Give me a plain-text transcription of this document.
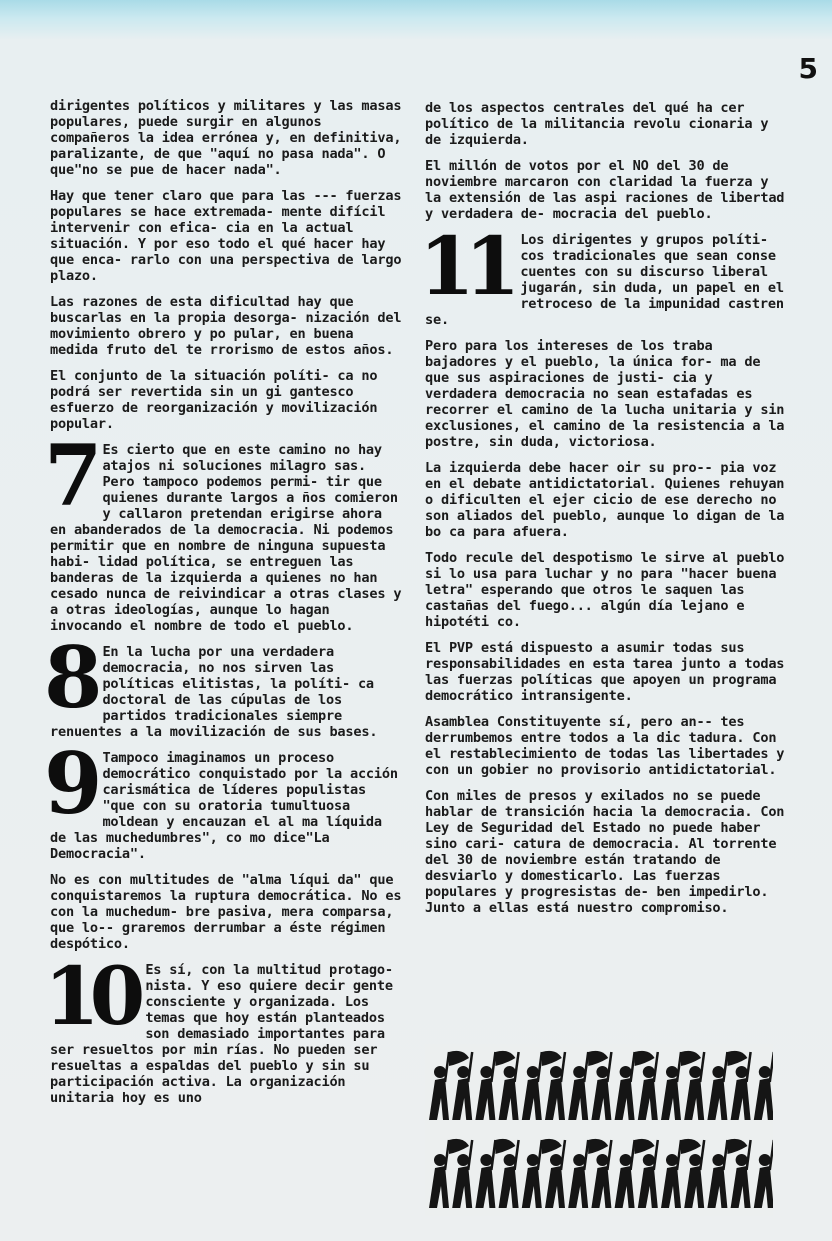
5
dirigentes políticos y militares y las masas populares, puede surgir en algunos compañeros la idea errónea y, en definitiva, paralizante, de que "aquí no pasa nada". O que"no se pue de hacer nada".
Hay que tener claro que para las --- fuerzas populares se hace extremada- mente difícil intervenir con efica- cia en la actual situación. Y por eso todo el qué hacer hay que enca- rarlo con una perspectiva de largo plazo.
Las razones de esta dificultad hay que buscarlas en la propia desorga- nización del movimiento obrero y po pular, en buena medida fruto del te rrorismo de estos años.
El conjunto de la situación políti- ca no podrá ser revertida sin un gi gantesco esfuerzo de reorganización y movilización popular.
7 Es cierto que en este camino no hay atajos ni soluciones milagro sas. Pero tampoco podemos permi- tir que quienes durante largos a ños comieron y callaron pretendan erigirse ahora en abanderados de la democracia. Ni podemos permitir que en nombre de ninguna supuesta habi- lidad política, se entreguen las banderas de la izquierda a quienes no han cesado nunca de reivindicar a otras clases y a otras ideologías, aunque lo hagan invocando el nombre de todo el pueblo.
8 En la lucha por una verdadera democracia, no nos sirven las políticas elitistas, la políti- ca doctoral de las cúpulas de los partidos tradicionales siempre renuentes a la movilización de sus bases.
9 Tampoco imaginamos un proceso democrático conquistado por la acción carismática de líderes populistas "que con su oratoria tumultuosa moldean y encauzan el al ma líquida de las muchedumbres", co mo dice"La Democracia".
No es con multitudes de "alma líqui da" que conquistaremos la ruptura democrática. No es con la muchedum- bre pasiva, mera comparsa, que lo-- graremos derrumbar a éste régimen despótico.
10 Es sí, con la multitud protago- nista. Y eso quiere decir gente consciente y organizada. Los temas que hoy están planteados son demasiado importantes para ser resueltos por min rías. No pueden ser resueltas a espaldas del pueblo y sin su participación activa. La organización unitaria hoy es uno
de los aspectos centrales del qué ha cer político de la militancia revolu cionaria y de izquierda.
El millón de votos por el NO del 30 de noviembre marcaron con claridad la fuerza y la extensión de las aspi raciones de libertad y verdadera de- mocracia del pueblo.
11 Los dirigentes y grupos políti- cos tradicionales que sean conse cuentes con su discurso liberal jugarán, sin duda, un papel en el retroceso de la impunidad castren se.
Pero para los intereses de los traba bajadores y el pueblo, la única for- ma de que sus aspiraciones de justi- cia y verdadera democracia no sean estafadas es recorrer el camino de la lucha unitaria y sin exclusiones, el camino de la resistencia a la postre, sin duda, victoriosa.
La izquierda debe hacer oir su pro-- pia voz en el debate antidictatorial. Quienes rehuyan o dificulten el ejer cicio de ese derecho no son aliados del pueblo, aunque lo digan de la bo ca para afuera.
Todo recule del despotismo le sirve al pueblo si lo usa para luchar y no para "hacer buena letra" esperando que otros le saquen las castañas del fuego... algún día lejano e hipotéti co.
El PVP está dispuesto a asumir todas sus responsabilidades en esta tarea junto a todas las fuerzas políticas que apoyen un programa democrático intransigente.
Asamblea Constituyente sí, pero an-- tes derrumbemos entre todos a la dic tadura. Con el restablecimiento de todas las libertades y con un gobier no provisorio antidictatorial.
Con miles de presos y exilados no se puede hablar de transición hacia la democracia. Con Ley de Seguridad del Estado no puede haber sino cari- catura de democracia. Al torrente del 30 de noviembre están tratando de desviarlo y domesticarlo. Las fuerzas populares y progresistas de- ben impedirlo. Junto a ellas está nuestro compromiso.
